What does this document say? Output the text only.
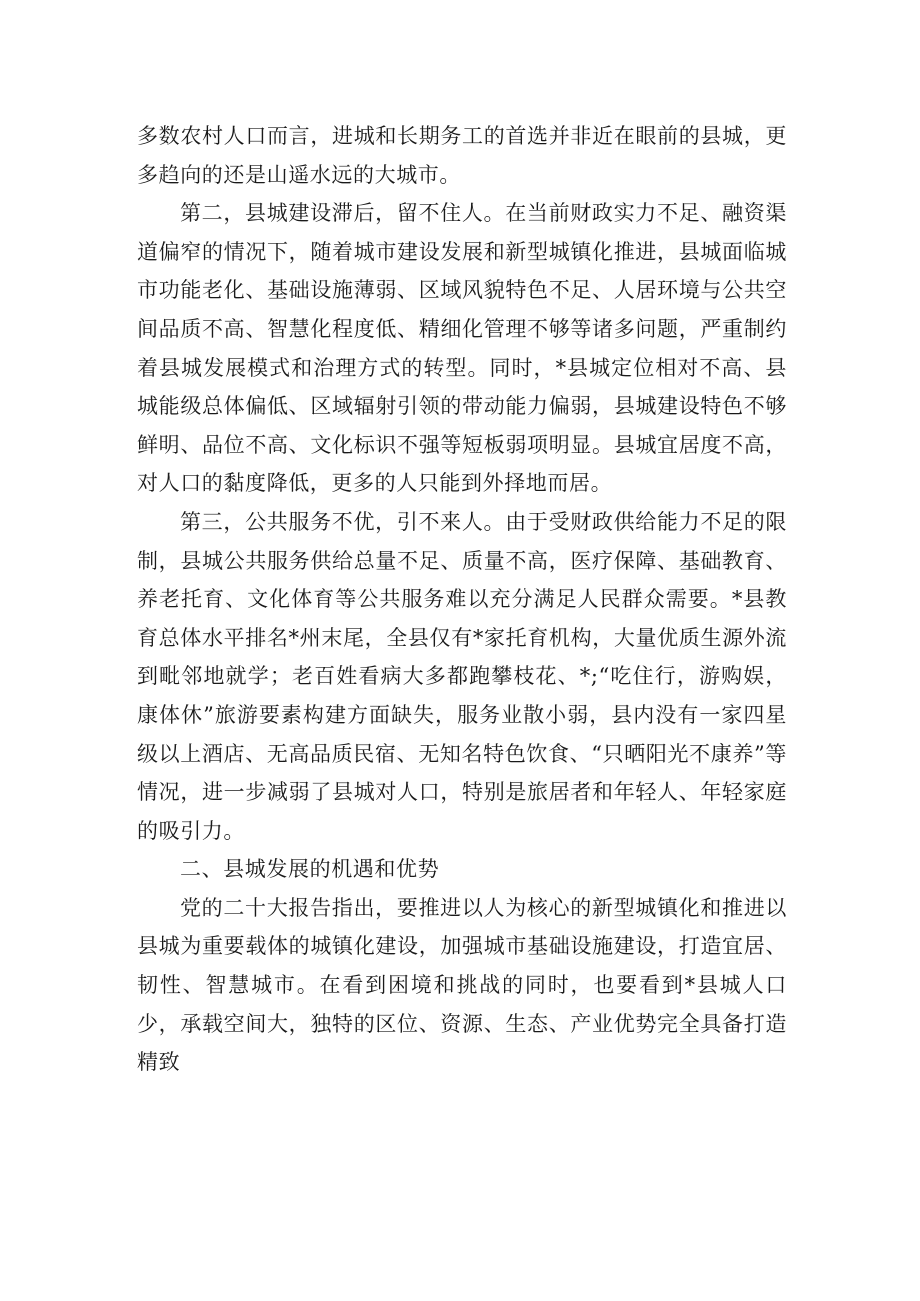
多数农村人口而言，进城和长期务工的首选并非近在眼前的县城，更多趋向的还是山遥水远的大城市。

第二，县城建设滞后，留不住人。在当前财政实力不足、融资渠道偏窄的情况下，随着城市建设发展和新型城镇化推进，县城面临城市功能老化、基础设施薄弱、区域风貌特色不足、人居环境与公共空间品质不高、智慧化程度低、精细化管理不够等诸多问题，严重制约着县城发展模式和治理方式的转型。同时，*县城定位相对不高、县城能级总体偏低、区域辐射引领的带动能力偏弱，县城建设特色不够鲜明、品位不高、文化标识不强等短板弱项明显。县城宜居度不高，对人口的黏度降低，更多的人只能到外择地而居。

第三，公共服务不优，引不来人。由于受财政供给能力不足的限制，县城公共服务供给总量不足、质量不高，医疗保障、基础教育、养老托育、文化体育等公共服务难以充分满足人民群众需要。*县教育总体水平排名*州末尾，全县仅有*家托育机构，大量优质生源外流到毗邻地就学；老百姓看病大多都跑攀枝花、*;“吃住行，游购娱，康体休”旅游要素构建方面缺失，服务业散小弱，县内没有一家四星级以上酒店、无高品质民宿、无知名特色饮食、“只晒阳光不康养”等情况，进一步减弱了县城对人口，特别是旅居者和年轻人、年轻家庭的吸引力。

二、县城发展的机遇和优势

党的二十大报告指出，要推进以人为核心的新型城镇化和推进以县城为重要载体的城镇化建设，加强城市基础设施建设，打造宜居、韧性、智慧城市。在看到困境和挑战的同时，也要看到*县城人口少，承载空间大，独特的区位、资源、生态、产业优势完全具备打造精致
